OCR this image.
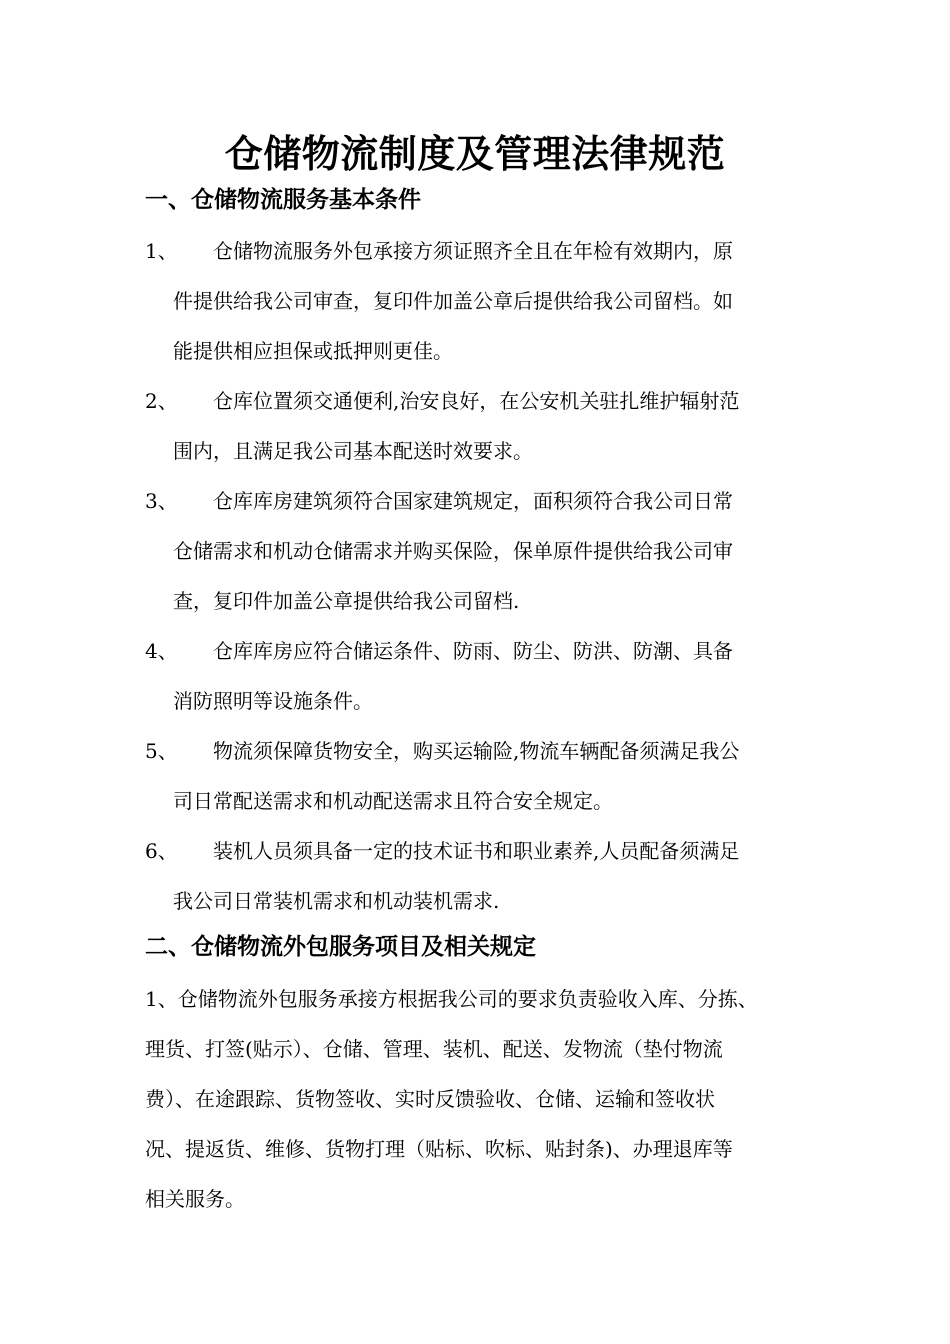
仓储物流制度及管理法律规范
一、仓储物流服务基本条件
1、	仓储物流服务外包承接方须证照齐全且在年检有效期内，原
件提供给我公司审查，复印件加盖公章后提供给我公司留档。如
能提供相应担保或抵押则更佳。
2、	仓库位置须交通便利,治安良好，在公安机关驻扎维护辐射范
围内，且满足我公司基本配送时效要求。
3、	仓库库房建筑须符合国家建筑规定，面积须符合我公司日常
仓储需求和机动仓储需求并购买保险，保单原件提供给我公司审
查，复印件加盖公章提供给我公司留档.
4、	仓库库房应符合储运条件、防雨、防尘、防洪、防潮、具备
消防照明等设施条件。
5、	物流须保障货物安全，购买运输险,物流车辆配备须满足我公
司日常配送需求和机动配送需求且符合安全规定。
6、	装机人员须具备一定的技术证书和职业素养,人员配备须满足
我公司日常装机需求和机动装机需求.
二、仓储物流外包服务项目及相关规定
1、仓储物流外包服务承接方根据我公司的要求负责验收入库、分拣、
理货、打签(贴示）、仓储、管理、装机、配送、发物流（垫付物流
费）、在途跟踪、货物签收、实时反馈验收、仓储、运输和签收状
况、提返货、维修、货物打理（贴标、吹标、贴封条)、办理退库等
相关服务。
